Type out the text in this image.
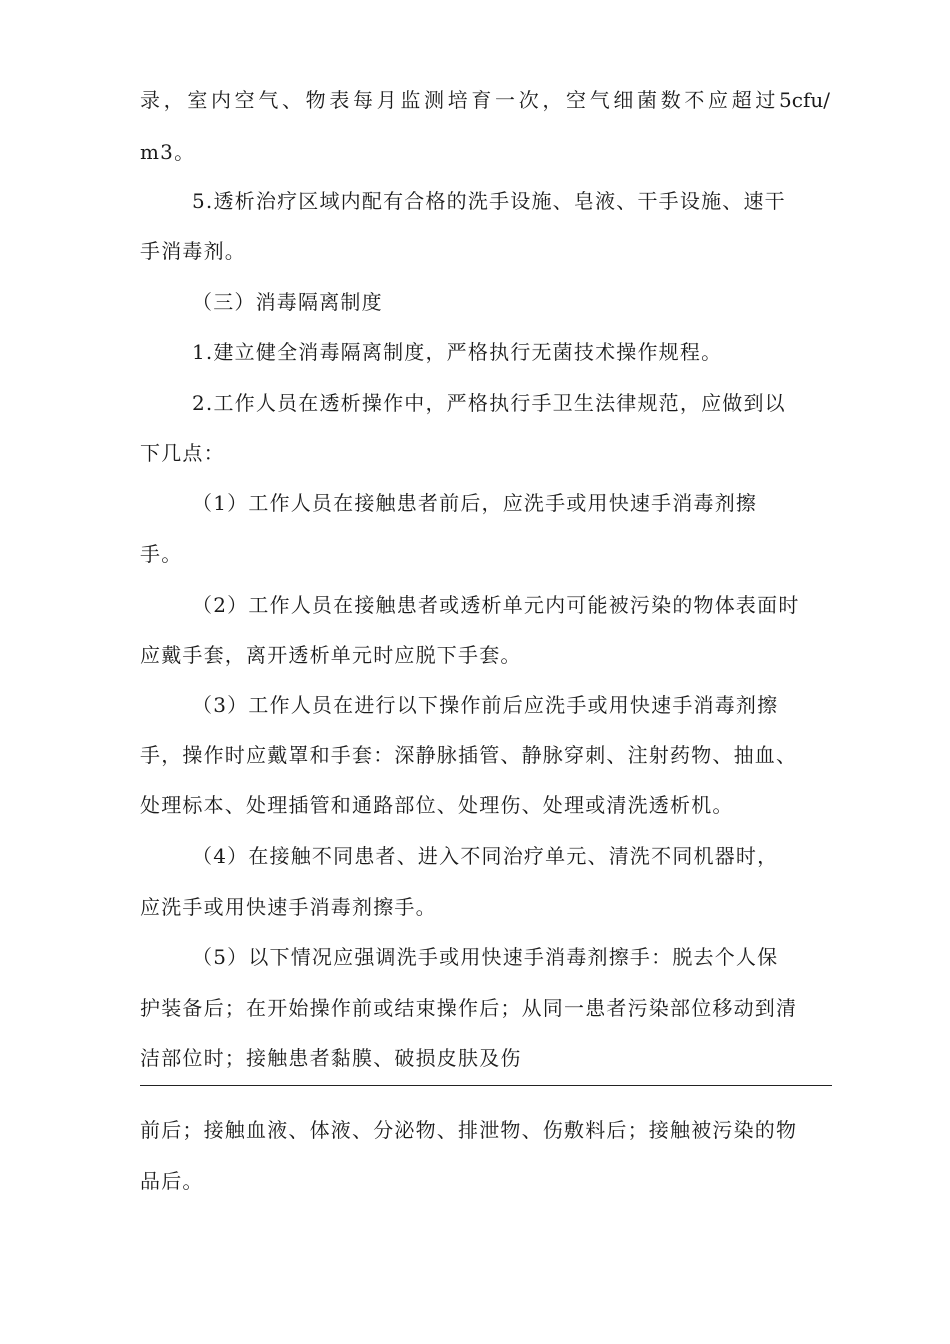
录，室内空气、物表每月监测培育一次，空气细菌数不应超过5cfu/
m3。
5.透析治疗区域内配有合格的洗手设施、皂液、干手设施、速干
手消毒剂。
（三）消毒隔离制度
1.建立健全消毒隔离制度，严格执行无菌技术操作规程。
2.工作人员在透析操作中，严格执行手卫生法律规范，应做到以
下几点：
（1）工作人员在接触患者前后，应洗手或用快速手消毒剂擦
手。
（2）工作人员在接触患者或透析单元内可能被污染的物体表面时
应戴手套，离开透析单元时应脱下手套。
（3）工作人员在进行以下操作前后应洗手或用快速手消毒剂擦
手，操作时应戴罩和手套：深静脉插管、静脉穿刺、注射药物、抽血、
处理标本、处理插管和通路部位、处理伤、处理或清洗透析机。
（4）在接触不同患者、进入不同治疗单元、清洗不同机器时，
应洗手或用快速手消毒剂擦手。
（5）以下情况应强调洗手或用快速手消毒剂擦手：脱去个人保
护装备后；在开始操作前或结束操作后；从同一患者污染部位移动到清
洁部位时；接触患者黏膜、破损皮肤及伤
前后；接触血液、体液、分泌物、排泄物、伤敷料后；接触被污染的物
品后。
